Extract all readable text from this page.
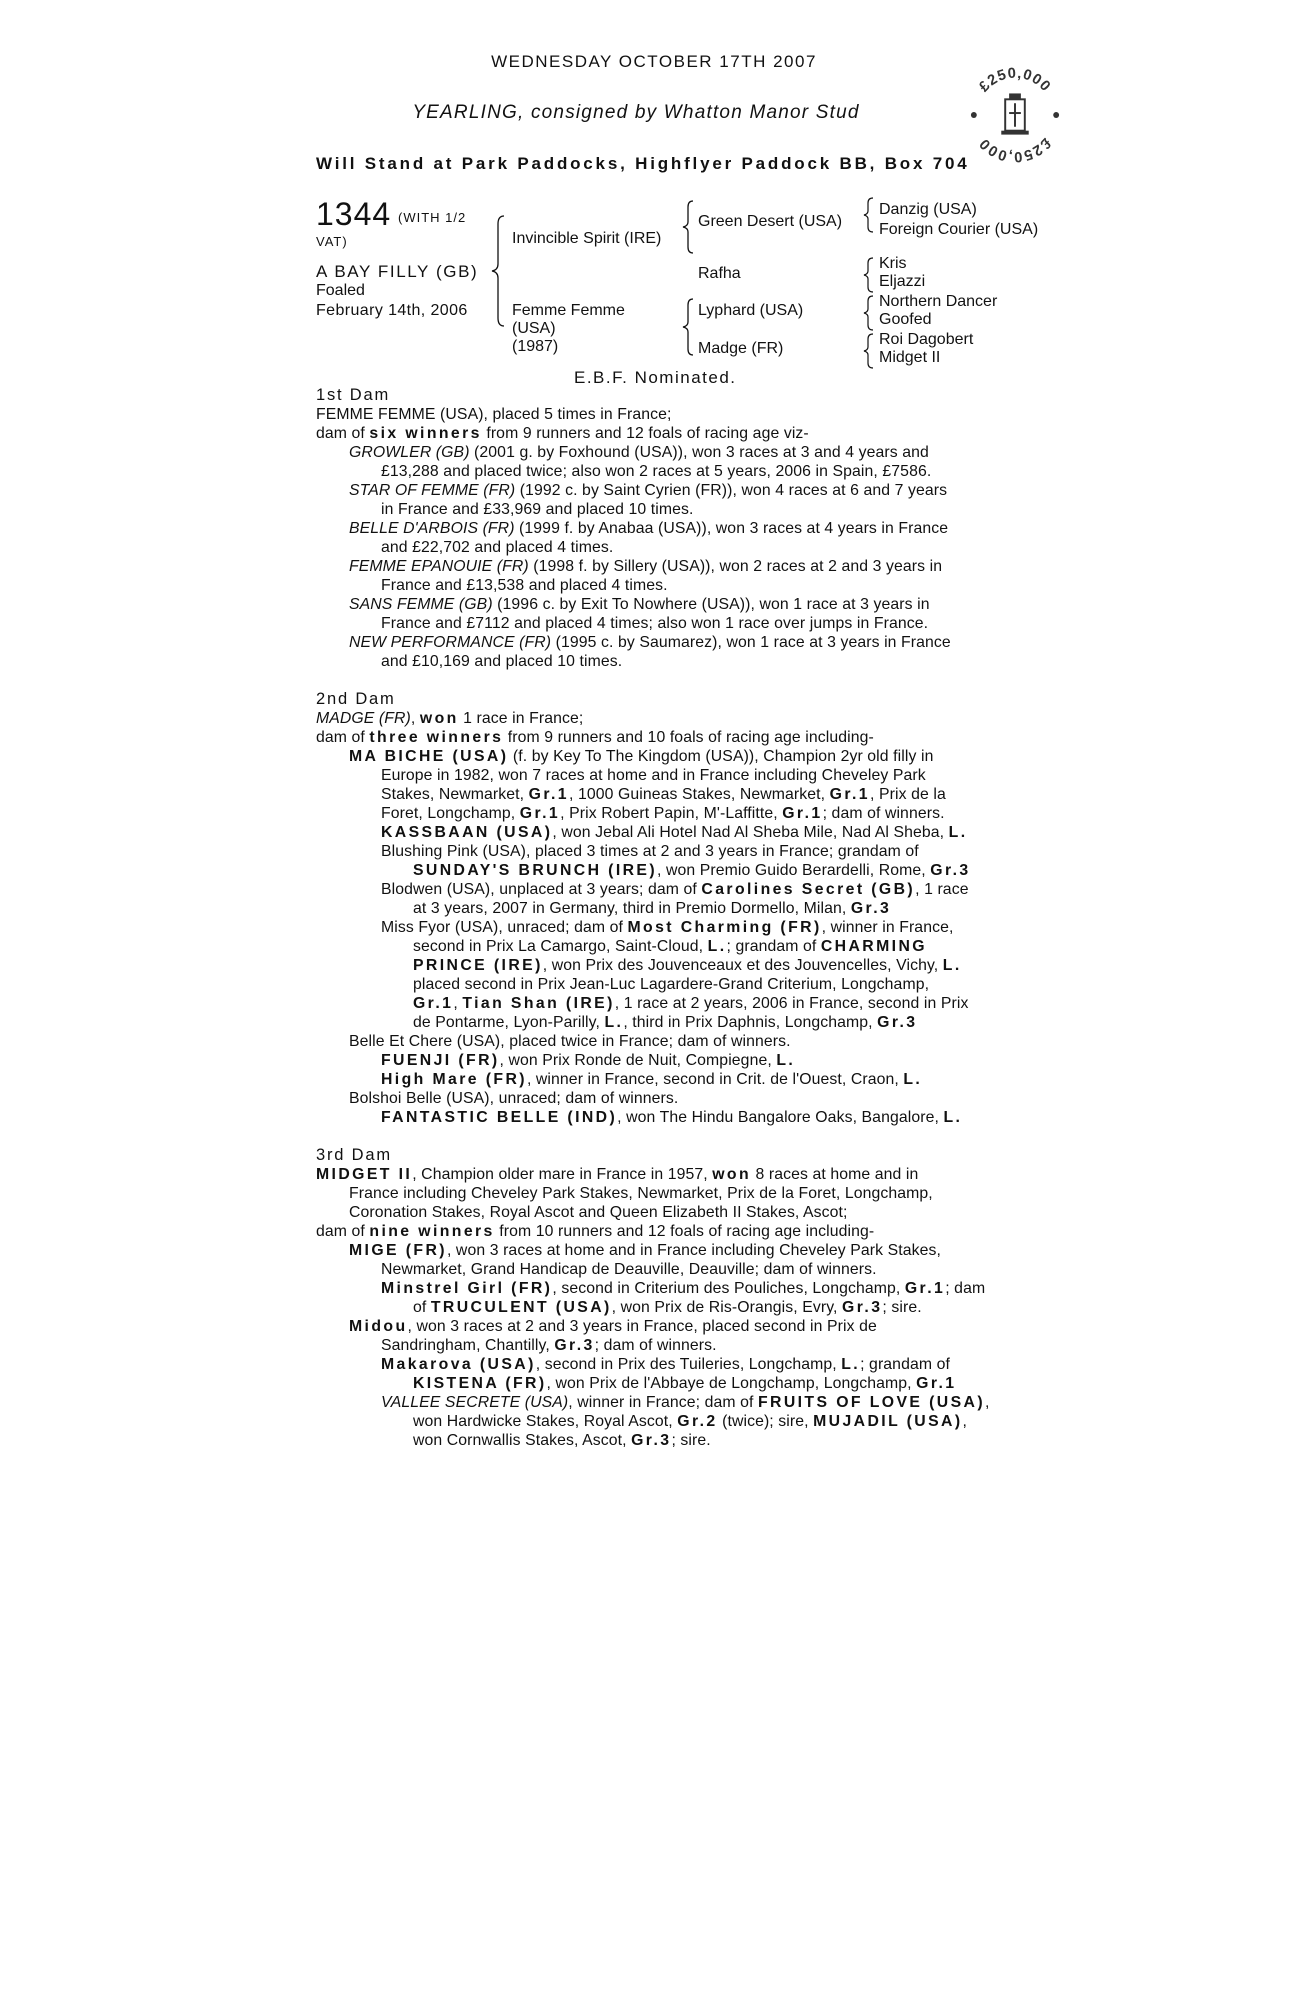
WEDNESDAY OCTOBER 17TH 2007
YEARLING, consigned by Whatton Manor Stud
Will Stand at Park Paddocks, Highflyer Paddock BB, Box 704
£250,000
£250,000
1344 (WITH 1/2
VAT)
A BAY FILLY (GB)
Foaled
February 14th, 2006
Invincible Spirit (IRE)
Femme Femme
(USA)
(1987)
Green Desert (USA)
Rafha
Lyphard (USA)
Madge (FR)
Danzig (USA)
Foreign Courier (USA)
Kris
Eljazzi
Northern Dancer
Goofed
Roi Dagobert
Midget II
E.B.F. Nominated.
1st Dam
FEMME FEMME (USA), placed 5 times in France;
dam of six winners from 9 runners and 12 foals of racing age viz-
GROWLER (GB) (2001 g. by Foxhound (USA)), won 3 races at 3 and 4 years and
£13,288 and placed twice; also won 2 races at 5 years, 2006 in Spain, £7586.
STAR OF FEMME (FR) (1992 c. by Saint Cyrien (FR)), won 4 races at 6 and 7 years
in France and £33,969 and placed 10 times.
BELLE D'ARBOIS (FR) (1999 f. by Anabaa (USA)), won 3 races at 4 years in France
and £22,702 and placed 4 times.
FEMME EPANOUIE (FR) (1998 f. by Sillery (USA)), won 2 races at 2 and 3 years in
France and £13,538 and placed 4 times.
SANS FEMME (GB) (1996 c. by Exit To Nowhere (USA)), won 1 race at 3 years in
France and £7112 and placed 4 times; also won 1 race over jumps in France.
NEW PERFORMANCE (FR) (1995 c. by Saumarez), won 1 race at 3 years in France
and £10,169 and placed 10 times.
2nd Dam
MADGE (FR), won 1 race in France;
dam of three winners from 9 runners and 10 foals of racing age including-
MA BICHE (USA) (f. by Key To The Kingdom (USA)), Champion 2yr old filly in
Europe in 1982, won 7 races at home and in France including Cheveley Park
Stakes, Newmarket, Gr.1, 1000 Guineas Stakes, Newmarket, Gr.1, Prix de la
Foret, Longchamp, Gr.1, Prix Robert Papin, M'-Laffitte, Gr.1; dam of winners.
KASSBAAN (USA), won Jebal Ali Hotel Nad Al Sheba Mile, Nad Al Sheba, L.
Blushing Pink (USA), placed 3 times at 2 and 3 years in France; grandam of
SUNDAY'S BRUNCH (IRE), won Premio Guido Berardelli, Rome, Gr.3
Blodwen (USA), unplaced at 3 years; dam of Carolines Secret (GB), 1 race
at 3 years, 2007 in Germany, third in Premio Dormello, Milan, Gr.3
Miss Fyor (USA), unraced; dam of Most Charming (FR), winner in France,
second in Prix La Camargo, Saint-Cloud, L.; grandam of CHARMING
PRINCE (IRE), won Prix des Jouvenceaux et des Jouvencelles, Vichy, L.
placed second in Prix Jean-Luc Lagardere-Grand Criterium, Longchamp,
Gr.1, Tian Shan (IRE), 1 race at 2 years, 2006 in France, second in Prix
de Pontarme, Lyon-Parilly, L., third in Prix Daphnis, Longchamp, Gr.3
Belle Et Chere (USA), placed twice in France; dam of winners.
FUENJI (FR), won Prix Ronde de Nuit, Compiegne, L.
High Mare (FR), winner in France, second in Crit. de l'Ouest, Craon, L.
Bolshoi Belle (USA), unraced; dam of winners.
FANTASTIC BELLE (IND), won The Hindu Bangalore Oaks, Bangalore, L.
3rd Dam
MIDGET II, Champion older mare in France in 1957, won 8 races at home and in
France including Cheveley Park Stakes, Newmarket, Prix de la Foret, Longchamp,
Coronation Stakes, Royal Ascot and Queen Elizabeth II Stakes, Ascot;
dam of nine winners from 10 runners and 12 foals of racing age including-
MIGE (FR), won 3 races at home and in France including Cheveley Park Stakes,
Newmarket, Grand Handicap de Deauville, Deauville; dam of winners.
Minstrel Girl (FR), second in Criterium des Pouliches, Longchamp, Gr.1; dam
of TRUCULENT (USA), won Prix de Ris-Orangis, Evry, Gr.3; sire.
Midou, won 3 races at 2 and 3 years in France, placed second in Prix de
Sandringham, Chantilly, Gr.3; dam of winners.
Makarova (USA), second in Prix des Tuileries, Longchamp, L.; grandam of
KISTENA (FR), won Prix de l'Abbaye de Longchamp, Longchamp, Gr.1
VALLEE SECRETE (USA), winner in France; dam of FRUITS OF LOVE (USA),
won Hardwicke Stakes, Royal Ascot, Gr.2 (twice); sire, MUJADIL (USA),
won Cornwallis Stakes, Ascot, Gr.3; sire.
